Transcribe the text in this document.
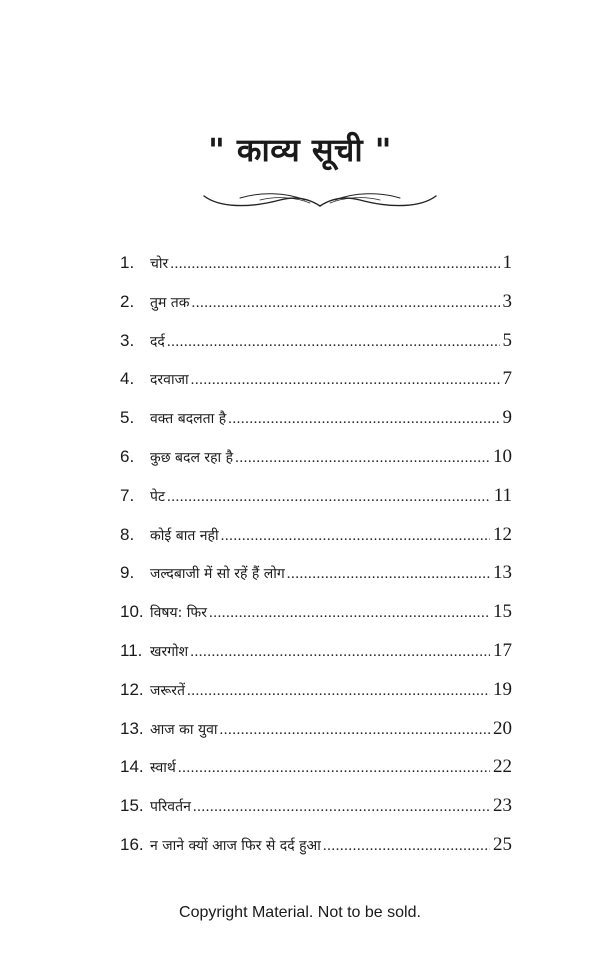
" काव्य सूची "
1.	चोर .....	1
2.	तुम तक .....	3
3.	दर्द .....	5
4.	दरवाजा .....	7
5.	वक्त बदलता है .....	9
6.	कुछ बदल रहा है .....	10
7.	पेट .....	11
8.	कोई बात नही .....	12
9.	जल्दबाजी में सो रहें हैं लोग .....	13
10. विषय: फिर .....	15
11. खरगोश .....	17
12. जरूरतें .....	19
13. आज का युवा .....	20
14. स्वार्थ .....	22
15. परिवर्तन .....	23
16. न जाने क्यों आज फिर से दर्द हुआ .....	25

Copyright Material. Not to be sold.
